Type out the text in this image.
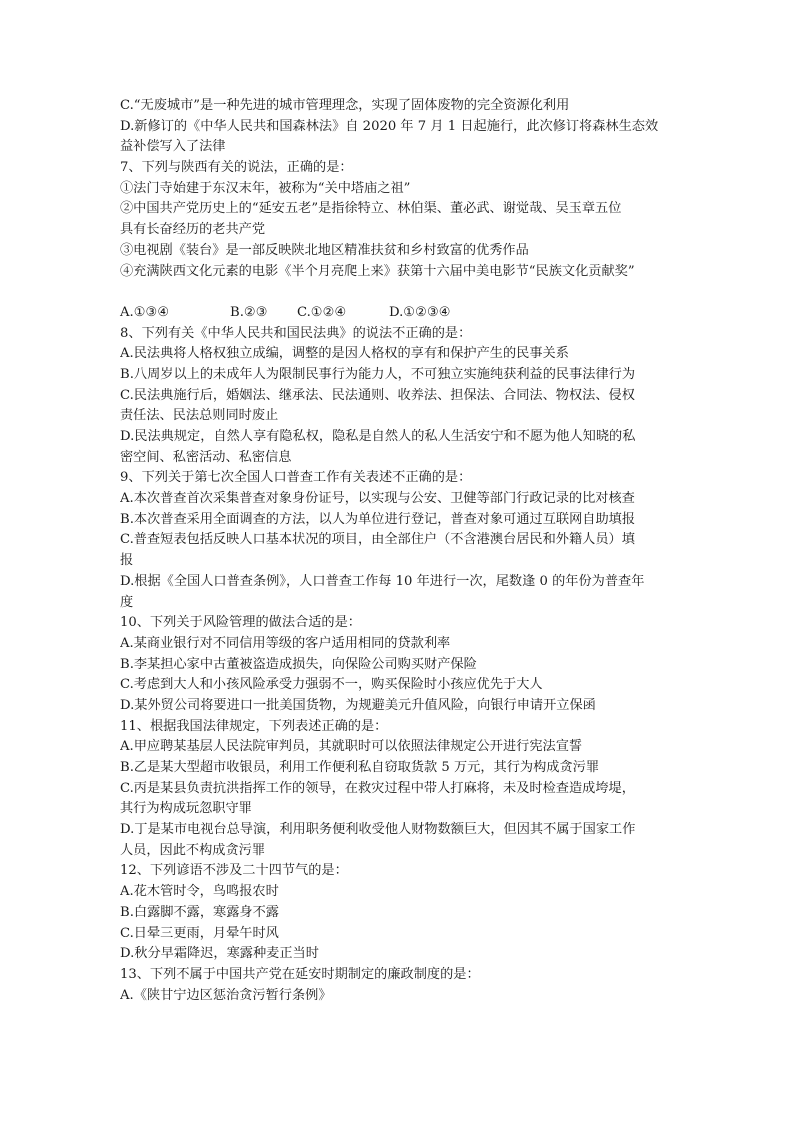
C.“无废城市”是一种先进的城市管理理念，实现了固体废物的完全资源化利用
D.新修订的《中华人民共和国森林法》自 2020 年 7 月 1 日起施行，此次修订将森林生态效
益补偿写入了法律
7、下列与陕西有关的说法，正确的是：
①法门寺始建于东汉末年，被称为“关中塔庙之祖”
②中国共产党历史上的“延安五老”是指徐特立、林伯渠、董必武、谢觉哉、吴玉章五位
具有长奋经历的老共产党
③电视剧《装台》是一部反映陕北地区精准扶贫和乡村致富的优秀作品
④充满陕西文化元素的电影《半个月亮爬上来》获第十六届中美电影节“民族文化贡献奖”
A.①③④	B.②③ C.①②④	D.①②③④
8、下列有关《中华人民共和国民法典》的说法不正确的是：
A.民法典将人格权独立成编，调整的是因人格权的享有和保护产生的民事关系
B.八周岁以上的未成年人为限制民事行为能力人，不可独立实施纯获利益的民事法律行为
C.民法典施行后，婚姻法、继承法、民法通则、收养法、担保法、合同法、物权法、侵权
责任法、民法总则同时废止
D.民法典规定，自然人享有隐私权，隐私是自然人的私人生活安宁和不愿为他人知晓的私
密空间、私密活动、私密信息
9、下列关于第七次全国人口普查工作有关表述不正确的是：
A.本次普查首次采集普查对象身份证号，以实现与公安、卫健等部门行政记录的比对核查
B.本次普查采用全面调查的方法，以人为单位进行登记，普查对象可通过互联网自助填报
C.普查短表包括反映人口基本状况的项目，由全部住户（不含港澳台居民和外籍人员）填
报
D.根据《全国人口普查条例》，人口普查工作每 10 年进行一次，尾数逢 0 的年份为普查年
度
10、下列关于风险管理的做法合适的是：
A.某商业银行对不同信用等级的客户适用相同的贷款利率
B.李某担心家中古董被盗造成损失，向保险公司购买财产保险
C.考虑到大人和小孩风险承受力强弱不一，购买保险时小孩应优先于大人
D.某外贸公司将要进口一批美国货物，为规避美元升值风险，向银行申请开立保函
11、根据我国法律规定，下列表述正确的是：
A.甲应聘某基层人民法院审判员，其就职时可以依照法律规定公开进行宪法宣誓
B.乙是某大型超市收银员，利用工作便利私自窃取货款 5 万元，其行为构成贪污罪
C.丙是某县负责抗洪指挥工作的领导，在救灾过程中带人打麻将，未及时检查造成垮堤，
其行为构成玩忽职守罪
D.丁是某市电视台总导演，利用职务便利收受他人财物数额巨大，但因其不属于国家工作
人员，因此不构成贪污罪
12、下列谚语不涉及二十四节气的是：
A.花木管时令，鸟鸣报农时
B.白露脚不露，寒露身不露
C.日晕三更雨，月晕午时风
D.秋分早霜降迟，寒露种麦正当时
13、下列不属于中国共产党在延安时期制定的廉政制度的是：
A.《陕甘宁边区惩治贪污暂行条例》
